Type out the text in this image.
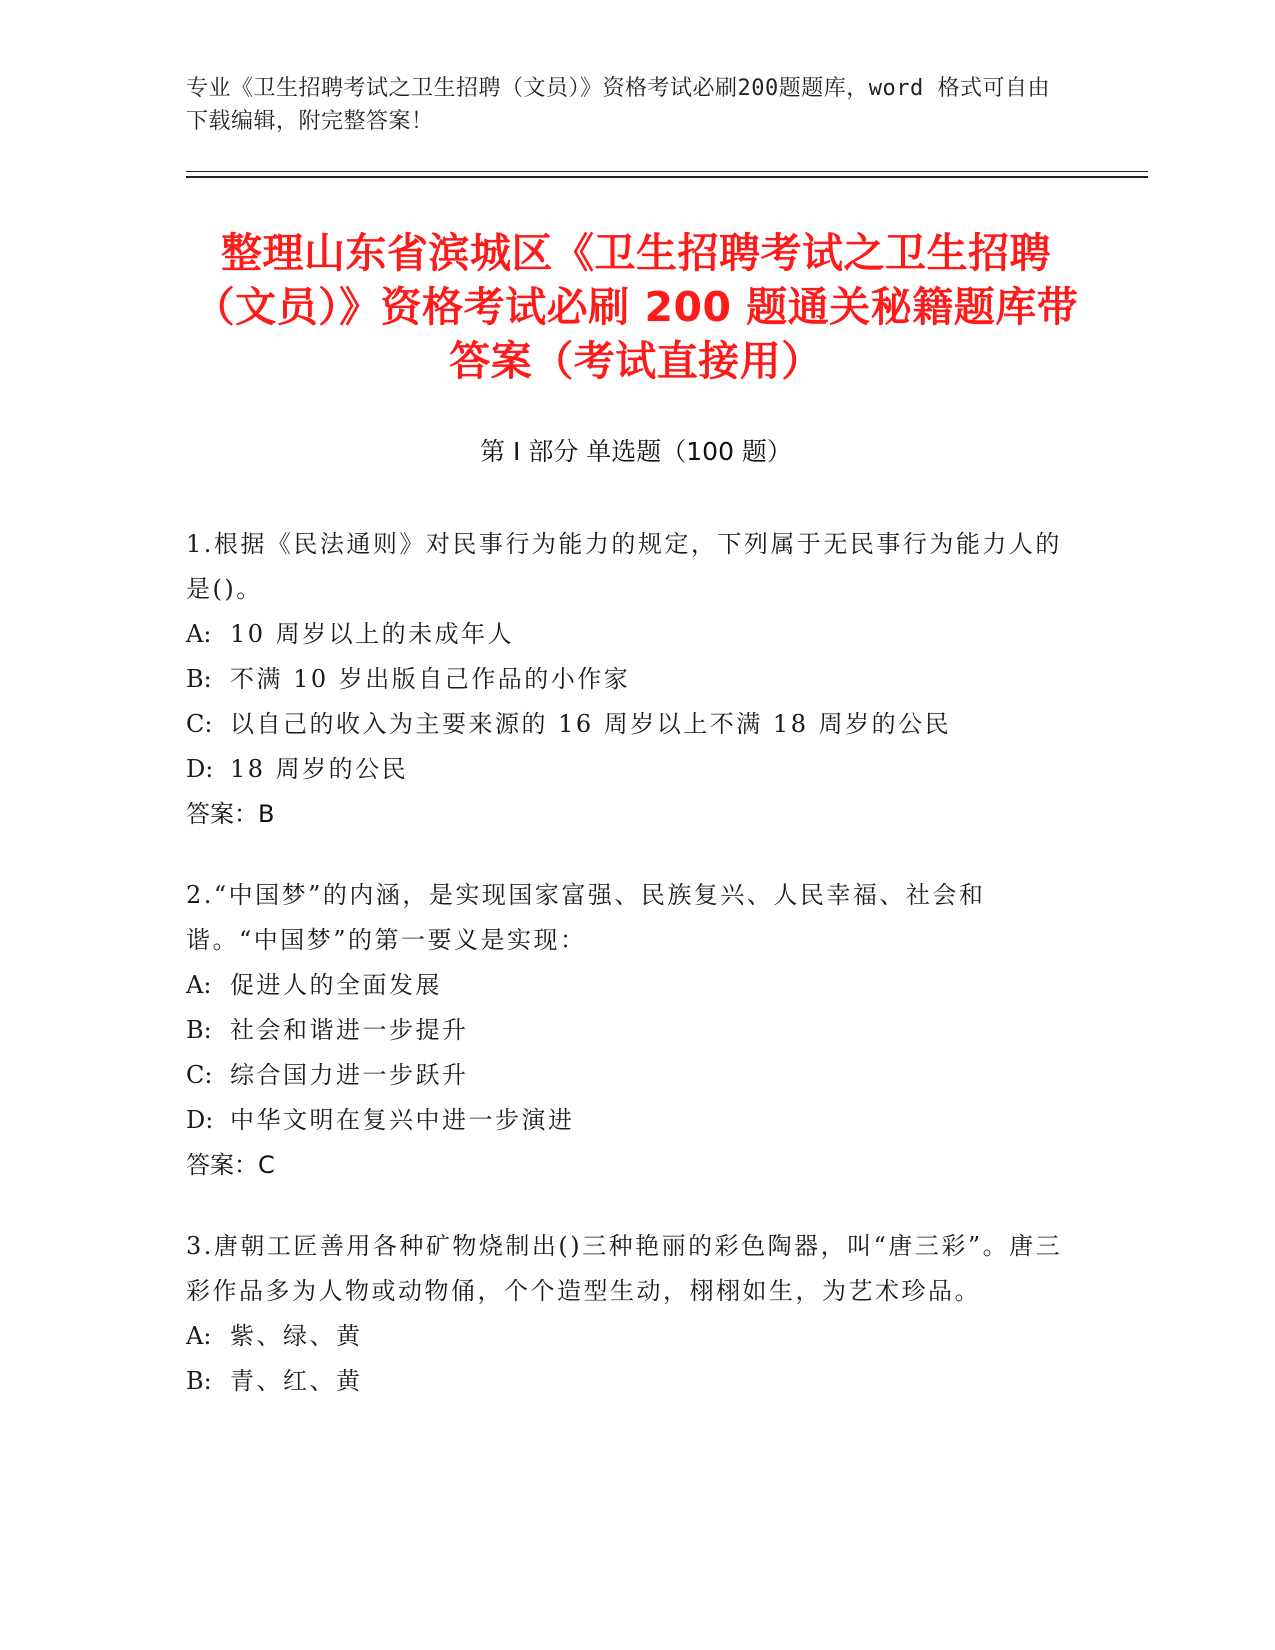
专业《卫生招聘考试之卫生招聘（文员）》资格考试必刷200题题库，word 格式可自由下载编辑，附完整答案！
整理山东省滨城区《卫生招聘考试之卫生招聘（文员）》资格考试必刷 200 题通关秘籍题库带答案（考试直接用）
第 I 部分 单选题（100 题）

1.根据《民法通则》对民事行为能力的规定，下列属于无民事行为能力人的是()。

A: 10 周岁以上的未成年人

B: 不满 10 岁出版自己作品的小作家

C: 以自己的收入为主要来源的 16 周岁以上不满 18 周岁的公民

D: 18 周岁的公民

答案：B

2.“中国梦”的内涵，是实现国家富强、民族复兴、人民幸福、社会和谐。“中国梦”的第一要义是实现：

A: 促进人的全面发展

B: 社会和谐进一步提升

C: 综合国力进一步跃升

D: 中华文明在复兴中进一步演进

答案：C

3.唐朝工匠善用各种矿物烧制出()三种艳丽的彩色陶器，叫“唐三彩”。唐三彩作品多为人物或动物俑，个个造型生动，栩栩如生，为艺术珍品。

A: 紫、绿、黄

B: 青、红、黄
